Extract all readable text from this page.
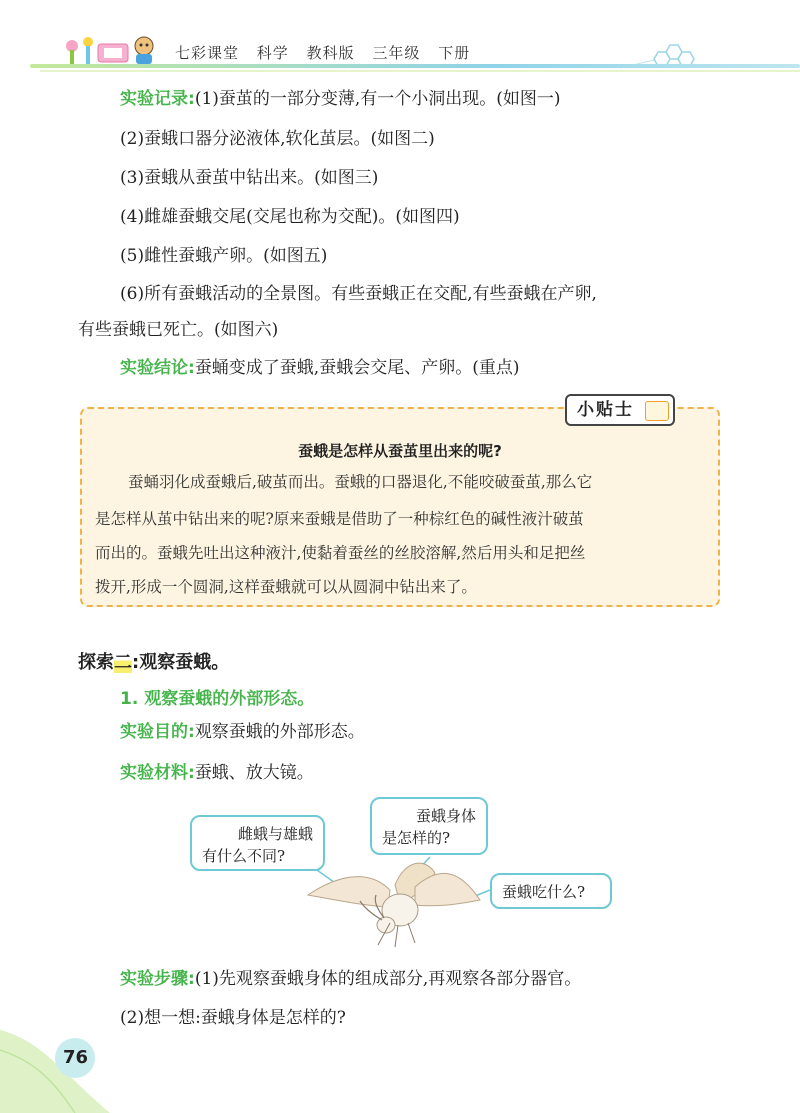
七彩课堂 科学 教科版 三年级 下册
实验记录:(1)蚕茧的一部分变薄,有一个小洞出现。(如图一)
(2)蚕蛾口器分泌液体,软化茧层。(如图二)
(3)蚕蛾从蚕茧中钻出来。(如图三)
(4)雌雄蚕蛾交尾(交尾也称为交配)。(如图四)
(5)雌性蚕蛾产卵。(如图五)
(6)所有蚕蛾活动的全景图。有些蚕蛾正在交配,有些蚕蛾在产卵,
有些蚕蛾已死亡。(如图六)
实验结论:蚕蛹变成了蚕蛾,蚕蛾会交尾、产卵。(重点)
小贴士
蚕蛾是怎样从蚕茧里出来的呢?
蚕蛹羽化成蚕蛾后,破茧而出。蚕蛾的口器退化,不能咬破蚕茧,那么它
是怎样从茧中钻出来的呢?原来蚕蛾是借助了一种棕红色的碱性液汁破茧
而出的。蚕蛾先吐出这种液汁,使黏着蚕丝的丝胶溶解,然后用头和足把丝
拨开,形成一个圆洞,这样蚕蛾就可以从圆洞中钻出来了。
探索二:观察蚕蛾。
1. 观察蚕蛾的外部形态。
实验目的:观察蚕蛾的外部形态。
实验材料:蚕蛾、放大镜。
雌蛾与雄蛾
有什么不同?
蚕蛾身体
是怎样的?
蚕蛾吃什么?
实验步骤:(1)先观察蚕蛾身体的组成部分,再观察各部分器官。
(2)想一想:蚕蛾身体是怎样的?
76
